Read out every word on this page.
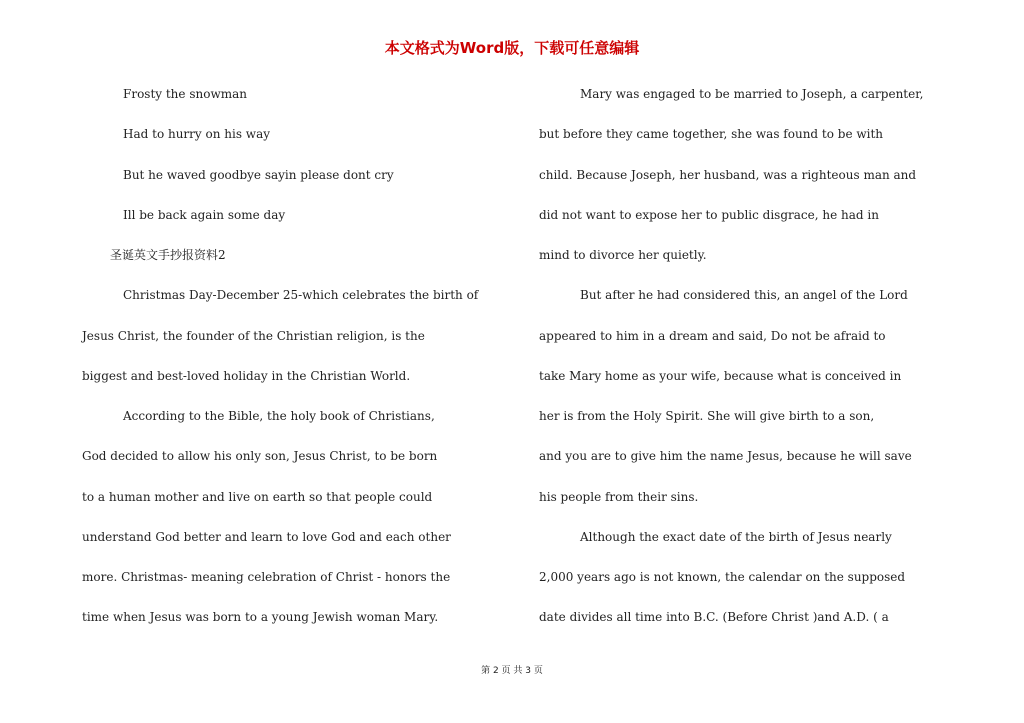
本文格式为Word版，下载可任意编辑
Frosty the snowman
Had to hurry on his way
But he waved goodbye sayin please dont cry
Ill be back again some day
圣诞英文手抄报资料2
Christmas Day-December 25-which celebrates the birth of
Jesus Christ, the founder of the Christian religion, is the
biggest and best-loved holiday in the Christian World.
According to the Bible, the holy book of Christians,
God decided to allow his only son, Jesus Christ, to be born
to a human mother and live on earth so that people could
understand God better and learn to love God and each other
more. Christmas- meaning celebration of Christ - honors the
time when Jesus was born to a young Jewish woman Mary.
Mary was engaged to be married to Joseph, a carpenter,
but before they came together, she was found to be with
child. Because Joseph, her husband, was a righteous man and
did not want to expose her to public disgrace, he had in
mind to divorce her quietly.
But after he had considered this, an angel of the Lord
appeared to him in a dream and said, Do not be afraid to
take Mary home as your wife, because what is conceived in
her is from the Holy Spirit. She will give birth to a son,
and you are to give him the name Jesus, because he will save
his people from their sins.
Although the exact date of the birth of Jesus nearly
2,000 years ago is not known, the calendar on the supposed
date divides all time into B.C. (Before Christ )and A.D. ( a
第 2 页 共 3 页
